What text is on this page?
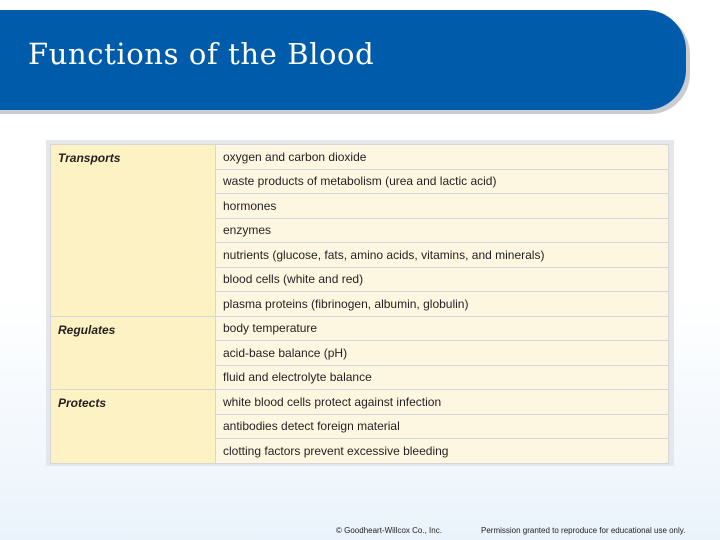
Functions of the Blood
Transports	oxygen and carbon dioxide
	waste products of metabolism (urea and lactic acid)
	hormones
	enzymes
	nutrients (glucose, fats, amino acids, vitamins, and minerals)
	blood cells (white and red)
	plasma proteins (fibrinogen, albumin, globulin)
Regulates	body temperature
	acid-base balance (pH)
	fluid and electrolyte balance
Protects	white blood cells protect against infection
	antibodies detect foreign material
	clotting factors prevent excessive bleeding
© Goodheart-Willcox Co., Inc.	Permission granted to reproduce for educational use only.
